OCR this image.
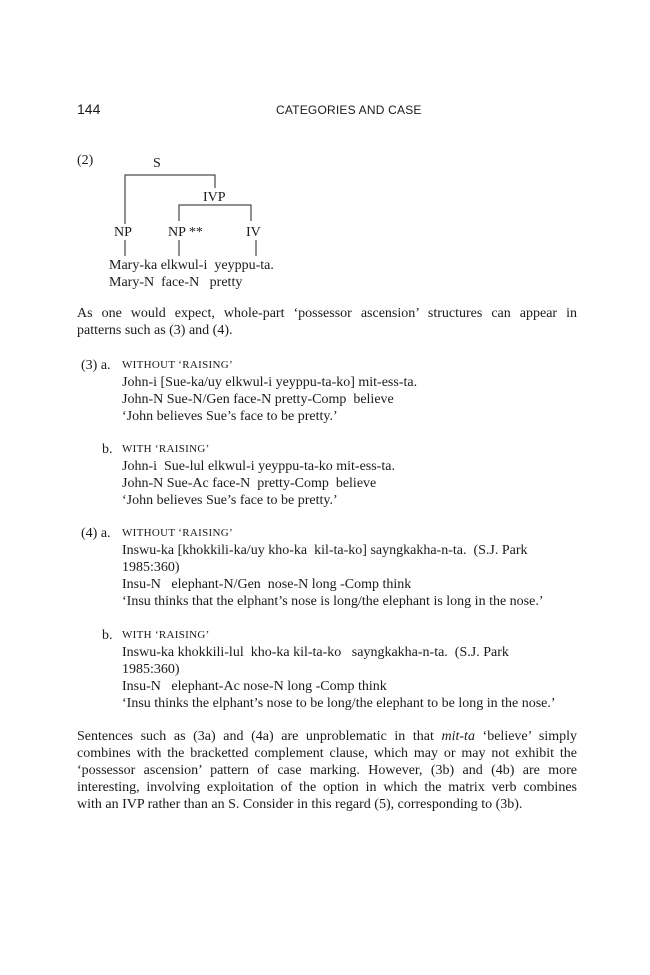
144	CATEGORIES AND CASE
(2)	S
IVP
NP	NP **	IV
Mary-ka elkwul-i  yeyppu-ta.
Mary-N  face-N   pretty
As one would expect, whole-part ‘possessor ascension’ structures can appear in
patterns such as (3) and (4).
(3) a. WITHOUT ‘RAISING’
John-i [Sue-ka/uy elkwul-i yeyppu-ta-ko] mit-ess-ta.
John-N Sue-N/Gen face-N pretty-Comp  believe
‘John believes Sue’s face to be pretty.’
b. WITH ‘RAISING’
John-i  Sue-lul elkwul-i yeyppu-ta-ko mit-ess-ta.
John-N Sue-Ac face-N  pretty-Comp  believe
‘John believes Sue’s face to be pretty.’
(4) a. WITHOUT ‘RAISING’
Inswu-ka [khokkili-ka/uy kho-ka  kil-ta-ko] sayngkakha-n-ta.  (S.J. Park
1985:360)
Insu-N   elephant-N/Gen  nose-N long -Comp think
‘Insu thinks that the elphant’s nose is long/the elephant is long in the nose.’
b. WITH ‘RAISING’
Inswu-ka khokkili-lul  kho-ka kil-ta-ko   sayngkakha-n-ta.  (S.J. Park
1985:360)
Insu-N   elephant-Ac nose-N long -Comp think
‘Insu thinks the elphant’s nose to be long/the elephant to be long in the nose.’
Sentences such as (3a) and (4a) are unproblematic in that mit-ta ‘believe’ simply
combines with the bracketted complement clause, which may or may not exhibit the
‘possessor ascension’ pattern of case marking. However, (3b) and (4b) are more
interesting, involving exploitation of the option in which the matrix verb combines
with an IVP rather than an S. Consider in this regard (5), corresponding to (3b).
